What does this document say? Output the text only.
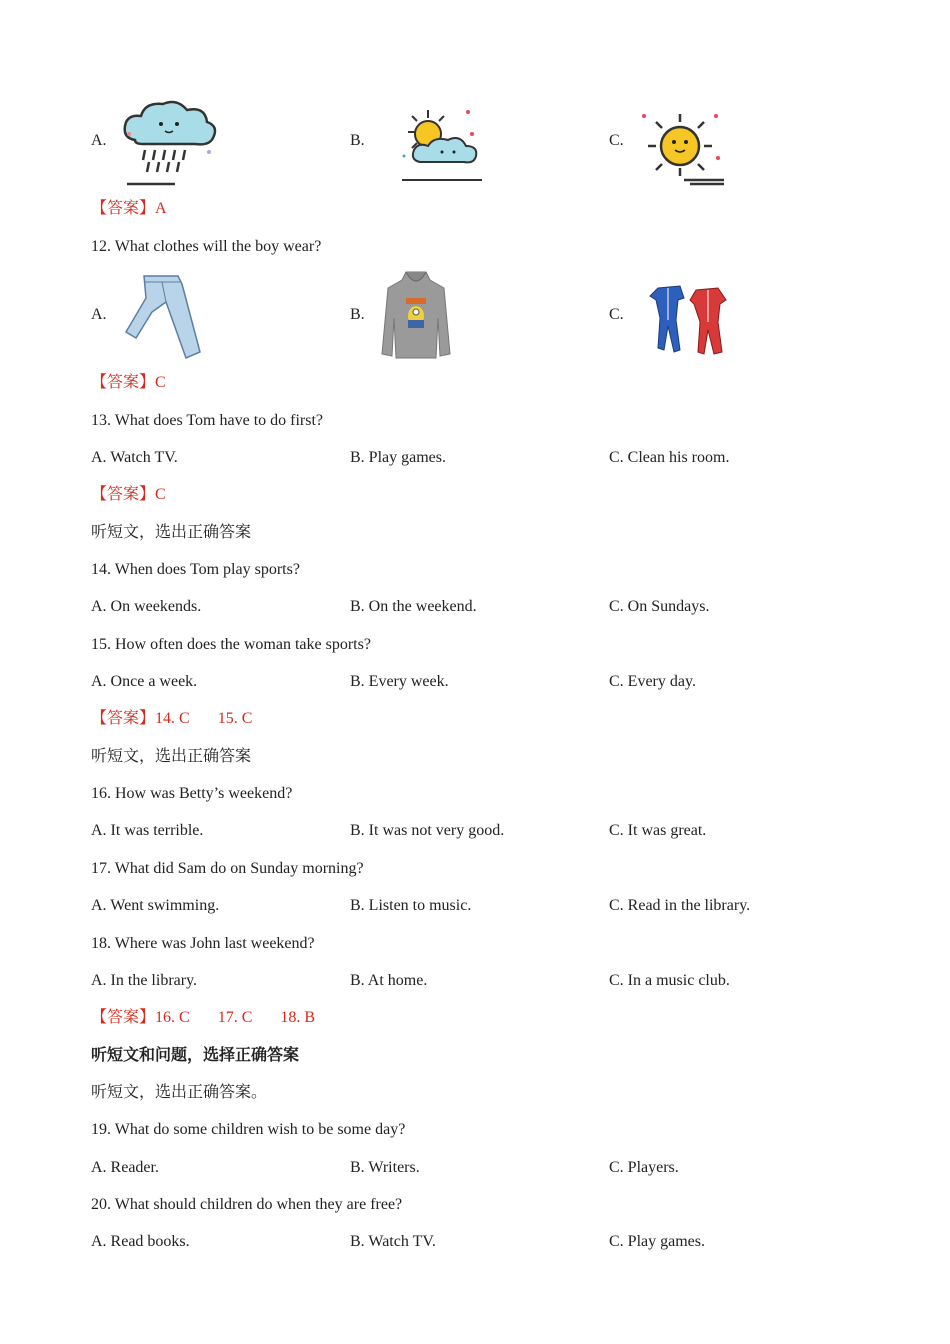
A.	B.	C.
【答案】A
12. What clothes will the boy wear?
A.	B.	C.
【答案】C
13. What does Tom have to do first?
A. Watch TV.	B. Play games.	C. Clean his room.
【答案】C
听短文，选出正确答案
14. When does Tom play sports?
A. On weekends.	B. On the weekend.	C. On Sundays.
15. How often does the woman take sports?
A. Once a week.	B. Every week.	C. Every day.
【答案】14. C 15. C
听短文，选出正确答案
16. How was Betty’s weekend?
A. It was terrible.	B. It was not very good.	C. It was great.
17. What did Sam do on Sunday morning?
A. Went swimming.	B. Listen to music.	C. Read in the library.
18. Where was John last weekend?
A. In the library.	B. At home.	C. In a music club.
【答案】16. C 17. C 18. B
听短文和问题，选择正确答案
听短文，选出正确答案。
19. What do some children wish to be some day?
A. Reader.	B. Writers.	C. Players.
20. What should children do when they are free?
A. Read books.	B. Watch TV.	C. Play games.
